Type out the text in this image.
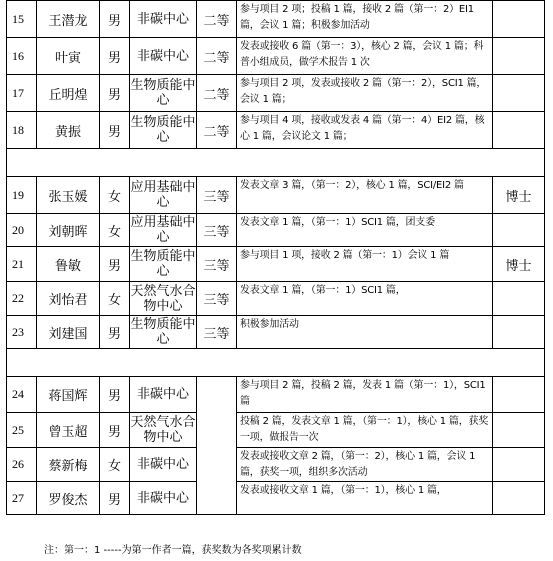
15	王潜龙	男	非碳中心	二等	参与项目 2 项；投稿 1 篇，接收 2 篇（第一：2）EI1 篇，会议 1 篇；积极参加活动	
16	叶寅	男	非碳中心	二等	发表或接收 6 篇（第一：3），核心 2 篇，会议 1 篇；科普小组成员，做学术报告 1 次	
17	丘明煌	男	生物质能中心	二等	参与项目 2 项，发表或接收 2 篇（第一：2），SCI1 篇，会议 1 篇；	
18	黄振	男	生物质能中心	二等	参与项目 4 项，接收或发表 4 篇（第一：4）EI2 篇，核心 1 篇，会议论文 1 篇；	

19	张玉媛	女	应用基础中心	三等	发表文章 3 篇，（第一：2），核心 1 篇，SCI/EI2 篇	博士
20	刘朝晖	女	应用基础中心	三等	发表文章 1 篇，（第一：1）SCI1 篇，团支委	
21	鲁敏	男	生物质能中心	三等	参与项目 1 项，接收 2 篇（第一：1）会议 1 篇	博士
22	刘怡君	女	天然气水合物中心	三等	发表文章 1 篇，（第一：1）SCI1 篇，	
23	刘建国	男	生物质能中心	三等	积极参加活动	

24	蒋国辉	男	非碳中心		参与项目 2 篇，投稿 2 篇，发表 1 篇（第一：1），SCI1 篇	
25	曾玉超	男	天然气水合物中心		投稿 2 篇，发表文章 1 篇，（第一：1），核心 1 篇，获奖一项，做报告一次	
26	蔡新梅	女	非碳中心		发表或接收文章 2 篇，（第一：2），核心 1 篇，会议 1 篇，获奖一项，组织多次活动	
27	罗俊杰	男	非碳中心		发表或接收文章 1 篇，（第一：1），核心 1 篇，	
注：第一：1 -----为第一作者一篇，获奖数为各奖项累计数
